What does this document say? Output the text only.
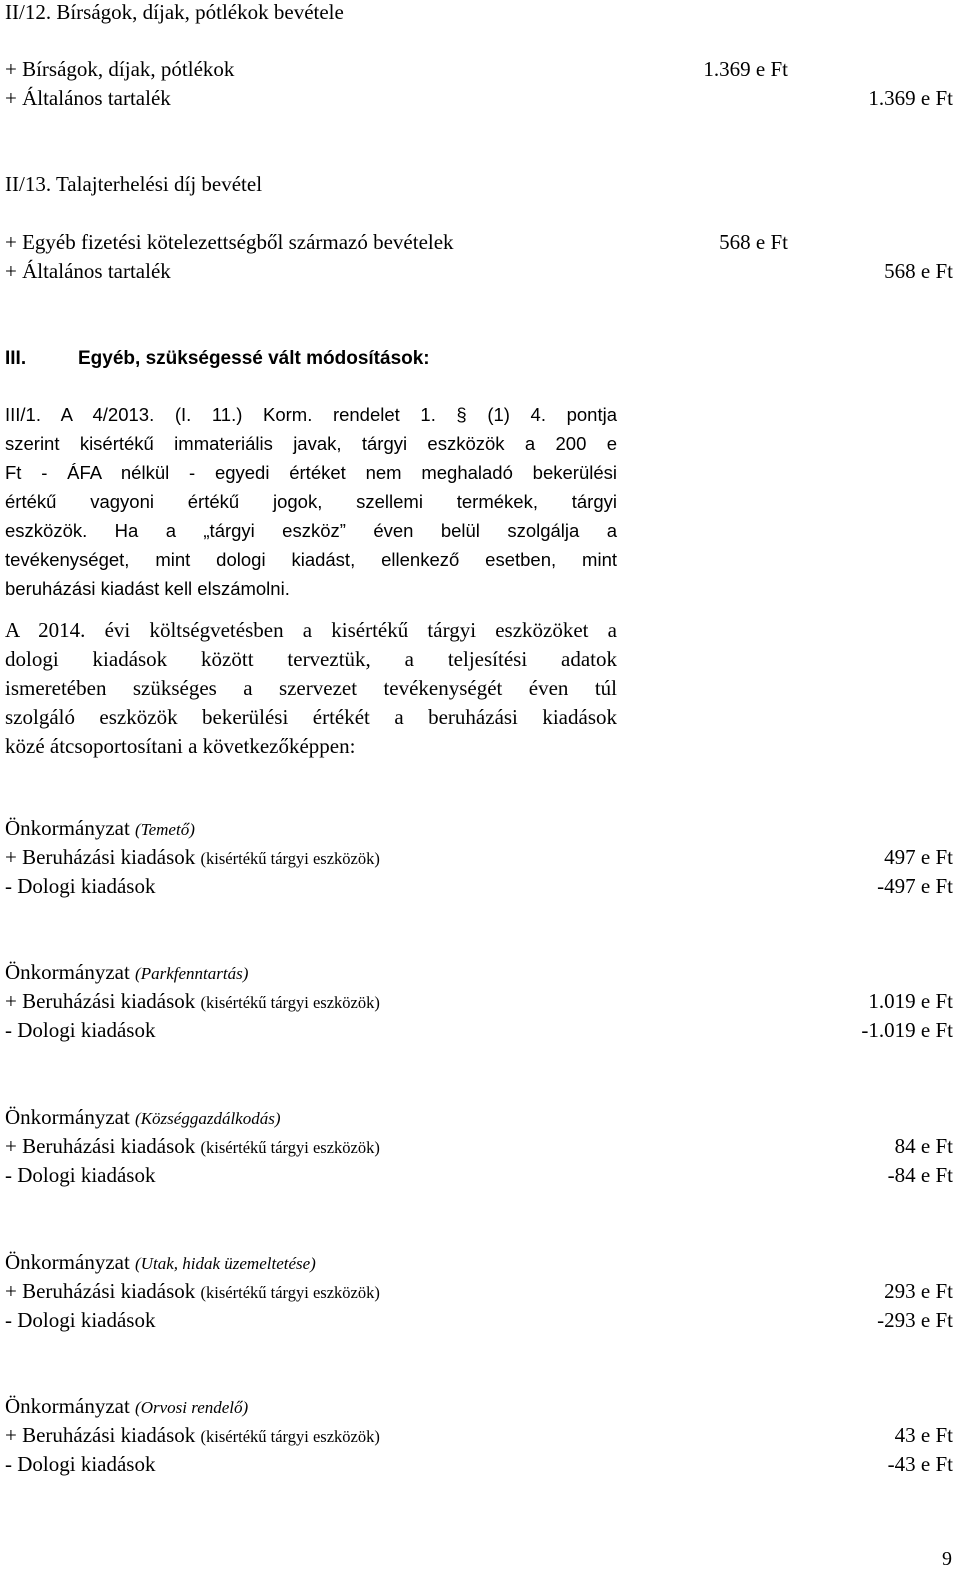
II/12. Bírságok, díjak, pótlékok bevétele
+ Bírságok, díjak, pótlékok	1.369 e Ft
+ Általános tartalék	1.369 e Ft
II/13. Talajterhelési díj bevétel
+ Egyéb fizetési kötelezettségből származó bevételek	568 e Ft
+ Általános tartalék	568 e Ft
III.	Egyéb, szükségessé vált módosítások:
III/1. A 4/2013. (I. 11.) Korm. rendelet 1. § (1) 4. pontja
szerint kisértékű immateriális javak, tárgyi eszközök a 200 e
Ft - ÁFA nélkül - egyedi értéket nem meghaladó bekerülési
értékű vagyoni értékű jogok, szellemi termékek, tárgyi
eszközök. Ha a „tárgyi eszköz” éven belül szolgálja a
tevékenységet, mint dologi kiadást, ellenkező esetben, mint
beruházási kiadást kell elszámolni.
A 2014. évi költségvetésben a kisértékű tárgyi eszközöket a
dologi kiadások között terveztük, a teljesítési adatok
ismeretében szükséges a szervezet tevékenységét éven túl
szolgáló eszközök bekerülési értékét a beruházási kiadások
közé átcsoportosítani a következőképpen:
Önkormányzat (Temető)
+ Beruházási kiadások (kisértékű tárgyi eszközök)	497 e Ft
- Dologi kiadások	-497 e Ft
Önkormányzat (Parkfenntartás)
+ Beruházási kiadások (kisértékű tárgyi eszközök)	1.019 e Ft
- Dologi kiadások	-1.019 e Ft
Önkormányzat (Községgazdálkodás)
+ Beruházási kiadások (kisértékű tárgyi eszközök)	84 e Ft
- Dologi kiadások	-84 e Ft
Önkormányzat (Utak, hidak üzemeltetése)
+ Beruházási kiadások (kisértékű tárgyi eszközök)	293 e Ft
- Dologi kiadások	-293 e Ft
Önkormányzat (Orvosi rendelő)
+ Beruházási kiadások (kisértékű tárgyi eszközök)	43 e Ft
- Dologi kiadások	-43 e Ft
9
